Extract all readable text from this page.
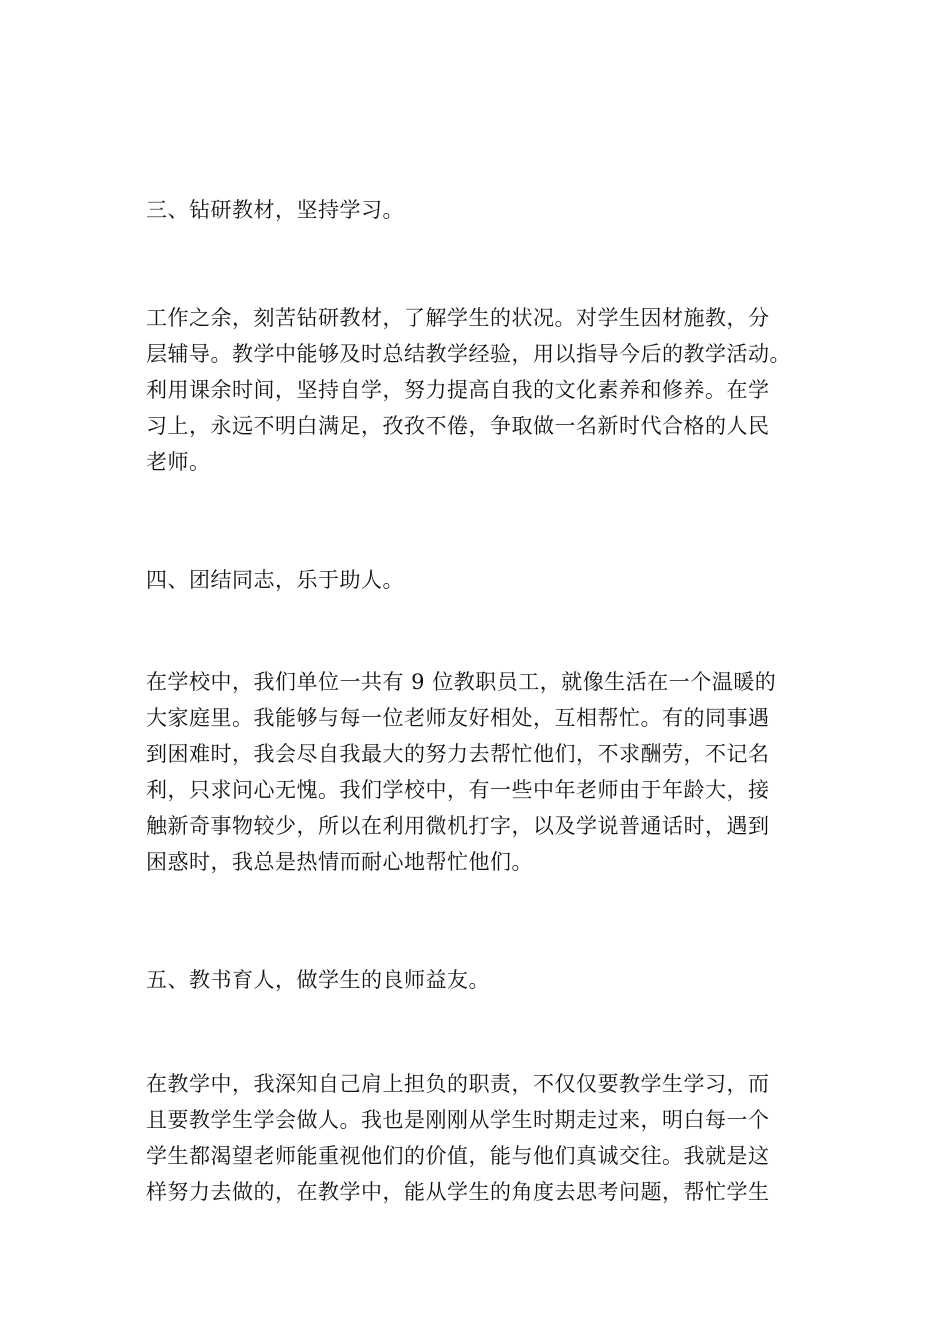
三、钻研教材，坚持学习。

工作之余，刻苦钻研教材，了解学生的状况。对学生因材施教，分
层辅导。教学中能够及时总结教学经验，用以指导今后的教学活动。
利用课余时间，坚持自学，努力提高自我的文化素养和修养。在学
习上，永远不明白满足，孜孜不倦，争取做一名新时代合格的人民
老师。

四、团结同志，乐于助人。

在学校中，我们单位一共有 9 位教职员工，就像生活在一个温暖的
大家庭里。我能够与每一位老师友好相处，互相帮忙。有的同事遇
到困难时，我会尽自我最大的努力去帮忙他们，不求酬劳，不记名
利，只求问心无愧。我们学校中，有一些中年老师由于年龄大，接
触新奇事物较少，所以在利用微机打字，以及学说普通话时，遇到
困惑时，我总是热情而耐心地帮忙他们。

五、教书育人，做学生的良师益友。

在教学中，我深知自己肩上担负的职责，不仅仅要教学生学习，而
且要教学生学会做人。我也是刚刚从学生时期走过来，明白每一个
学生都渴望老师能重视他们的价值，能与他们真诚交往。我就是这
样努力去做的，在教学中，能从学生的角度去思考问题，帮忙学生
